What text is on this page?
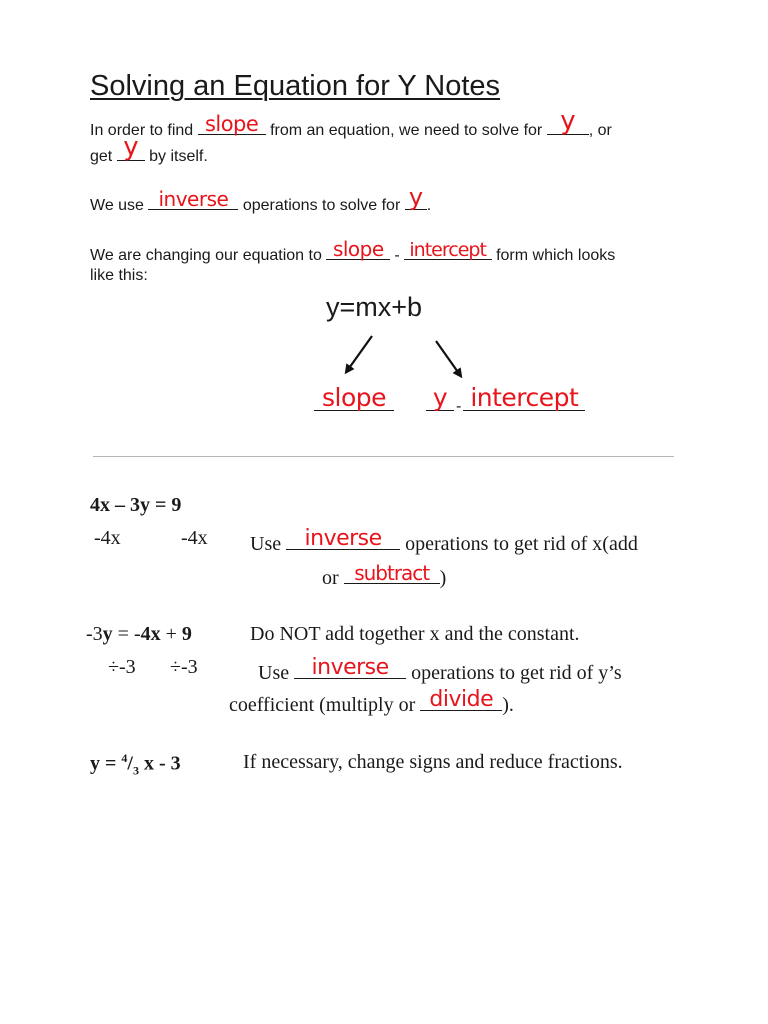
Solving an Equation for Y Notes
In order to find slope from an equation, we need to solve for y , or
get y by itself.
We use inverse operations to solve for y .
We are changing our equation to slope - intercept form which looks
like this:
y=mx+b
slope y - intercept
4x – 3y = 9
-4x	-4x Use inverse operations to get rid of x(add
or subtract )
-3y = -4x + 9	Do NOT add together x and the constant.
÷-3 ÷-3	Use inverse operations to get rid of y’s
coefficient (multiply or divide ).
$y = ^4/_3$ x - 3	If necessary, change signs and reduce fractions.
